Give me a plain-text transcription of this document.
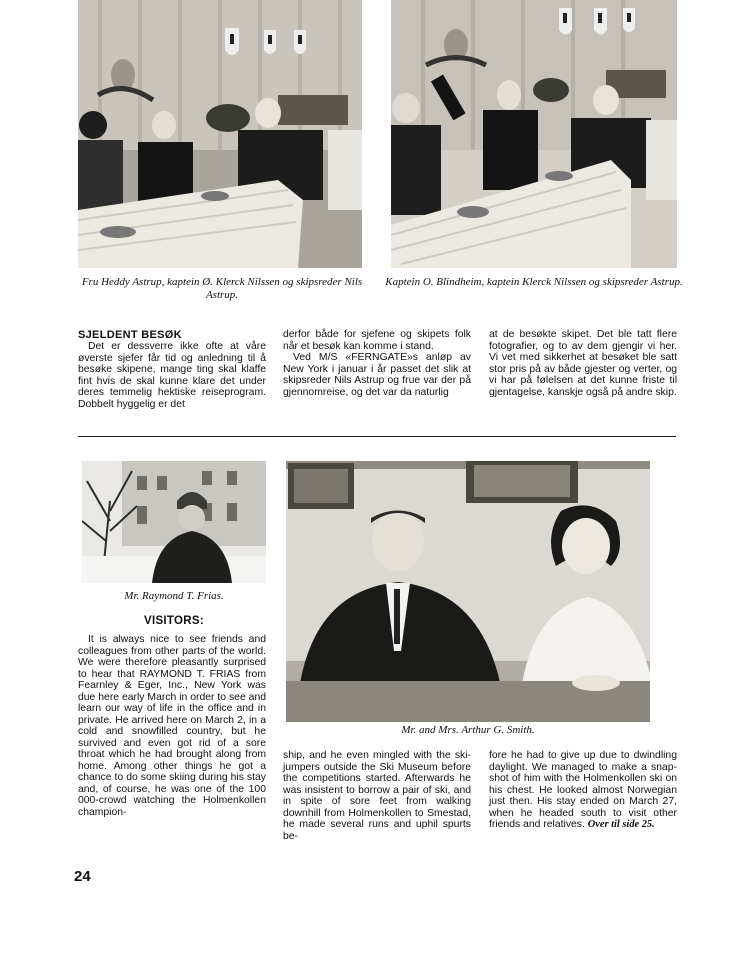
Fru Heddy Astrup, kaptein Ø. Klerck Nilssen og skipsreder Nils Astrup.
Kaptein O. Blindheim, kaptein Klerck Nilssen og skipsreder Astrup.
SJELDENT BESØK

Det er dessverre ikke ofte at våre øverste sjefer får tid og anledning til å besøke skipene, mange ting skal klaffe fint hvis de skal kunne klare det under deres temmelig hektiske reiseprogram. Dobbelt hyggelig er det

derfor både for sjefene og skipets folk når et besøk kan komme i stand.

Ved M/S «FERNGATE»s anløp av New York i januar i år passet det slik at skipsreder Nils Astrup og frue var der på gjennomreise, og det var da naturlig

at de besøkte skipet. Det ble tatt flere fotografier, og to av dem gjengir vi her. Vi vet med sikkerhet at besøket ble satt stor pris på av både gjester og verter, og vi har på følelsen at det kunne friste til gjentagelse, kanskje også på andre skip.

Mr. Raymond T. Frias.
Mr. and Mrs. Arthur G. Smith.
VISITORS:

It is always nice to see friends and colleagues from other parts of the world. We were therefore pleasantly surprised to hear that RAYMOND T. FRIAS from Fearnley & Eger, Inc., New York was due here early March in order to see and learn our way of life in the office and in private. He arrived here on March 2, in a cold and snowfilled country, but he survived and even got rid of a sore throat which he had brought along from home. Among other things he got a chance to do some skiing during his stay and, of course, he was one of the 100 000-crowd watching the Holmenkollen champion-

ship, and he even mingled with the ski-jumpers outside the Ski Museum before the competitions started. Afterwards he was insistent to borrow a pair of ski, and in spite of sore feet from walking downhill from Holmenkollen to Smestad, he made several runs and uphil spurts be-

fore he had to give up due to dwindling daylight. We managed to make a snap-shot of him with the Holmenkollen ski on his chest. He looked almost Norwegian just then. His stay ended on March 27, when he headed south to visit other friends and relatives. Over til side 25.

24
